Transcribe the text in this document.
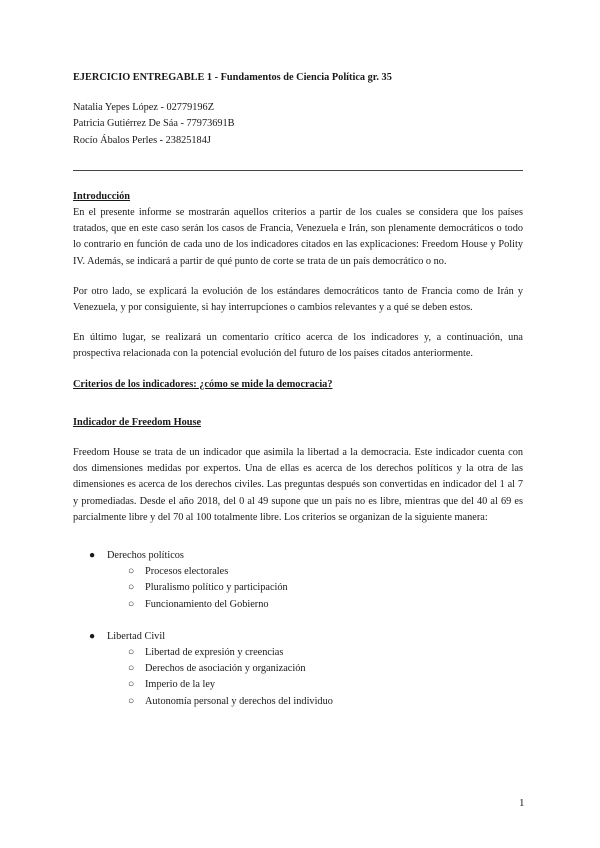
EJERCICIO ENTREGABLE 1 - Fundamentos de Ciencia Política gr. 35

Natalia Yepes López - 02779196Z
Patricia Gutiérrez De Sáa - 77973691B
Rocío Ábalos Perles - 23825184J

Introducción

En el presente informe se mostrarán aquellos criterios a partir de los cuales se considera que los países tratados, que en este caso serán los casos de Francia, Venezuela e Irán, son plenamente democráticos o todo lo contrario en función de cada uno de los indicadores citados en las explicaciones: Freedom House y Polity IV. Además, se indicará a partir de qué punto de corte se trata de un país democrático o no.

Por otro lado, se explicará la evolución de los estándares democráticos tanto de Francia como de Irán y Venezuela, y por consiguiente, si hay interrupciones o cambios relevantes y a qué se deben estos.

En último lugar, se realizará un comentario crítico acerca de los indicadores y, a continuación, una prospectiva relacionada con la potencial evolución del futuro de los países citados anteriormente.

Criterios de los indicadores: ¿cómo se mide la democracia?

Indicador de Freedom House

Freedom House se trata de un indicador que asimila la libertad a la democracia. Este indicador cuenta con dos dimensiones medidas por expertos. Una de ellas es acerca de los derechos políticos y la otra de las dimensiones es acerca de los derechos civiles. Las preguntas después son convertidas en indicador del 1 al 7 y promediadas. Desde el año 2018, del 0 al 49 supone que un país no es libre, mientras que del 40 al 69 es parcialmente libre y del 70 al 100 totalmente libre. Los criterios se organizan de la siguiente manera:

● Derechos políticos
○ Procesos electorales
○ Pluralismo político y participación
○ Funcionamiento del Gobierno
● Libertad Civil
○ Libertad de expresión y creencias
○ Derechos de asociación y organización
○ Imperio de la ley
○ Autonomía personal y derechos del individuo
1
